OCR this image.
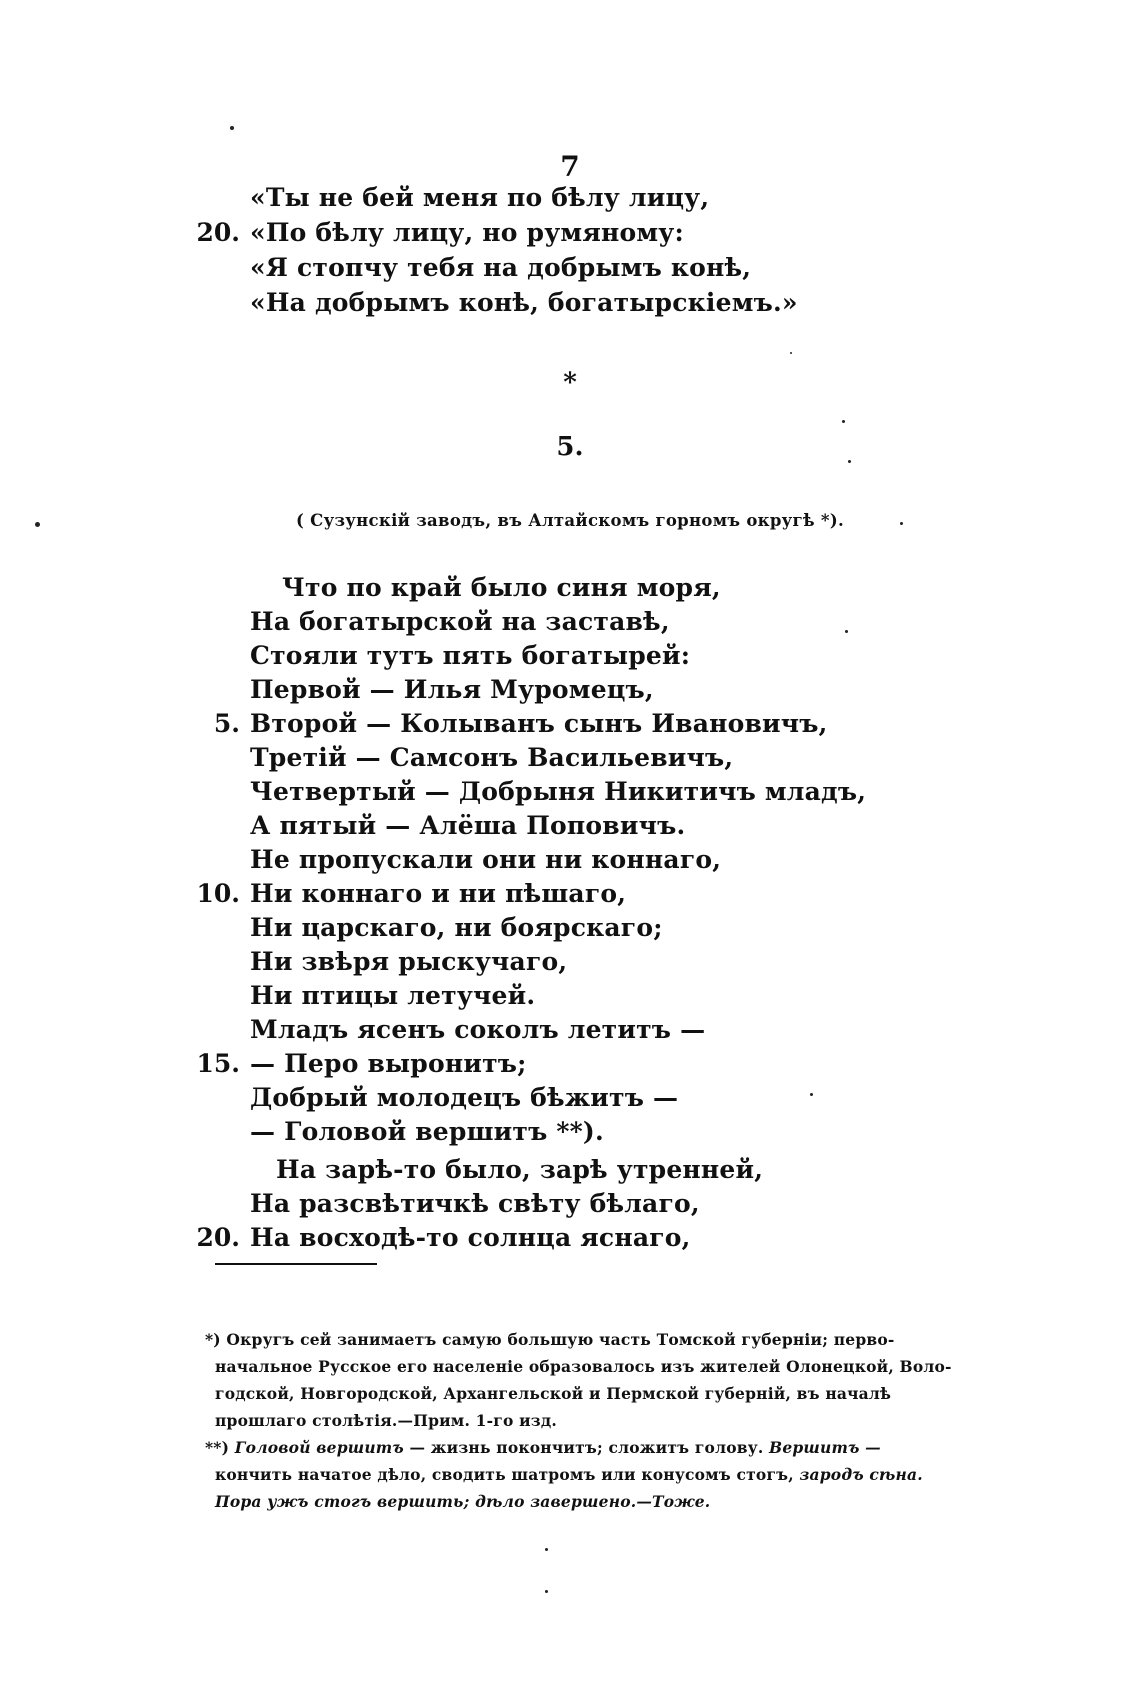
7
«Ты не бей меня по бѣлу лицу,
20. «По бѣлу лицу, но румяному:
«Я стопчу тебя на добрымъ конѣ,
«На добрымъ конѣ, богатырскіемъ.»
*
5.
( Сузунскій заводъ, въ Алтайскомъ горномъ округѣ *).
Что по край было синя моря,
На богатырской на заставѣ,
Стояли тутъ пять богатырей:
Первой — Илья Муромецъ,
5. Второй — Колыванъ сынъ Ивановичъ,
Третій — Самсонъ Васильевичъ,
Четвертый — Добрыня Никитичъ младъ,
А пятый — Алёша Поповичъ.
Не пропускали они ни коннаго,
10. Ни коннаго и ни пѣшаго,
Ни царскаго, ни боярскаго;
Ни звѣря рыскучаго,
Ни птицы летучей.
Младъ ясенъ соколъ летитъ —
15. — Перо выронитъ;
Добрый молодецъ бѣжитъ —
— Головой вершитъ **).
На зарѣ-то было, зарѣ утренней,
На разсвѣтичкѣ свѣту бѣлаго,
20. На восходѣ-то солнца яснаго,
*) Округъ сей занимаетъ самую большую часть Томской губерніи; перво-
начальное Русское его населеніе образовалось изъ жителей Олонецкой, Воло-
годской, Новгородской, Архангельской и Пермской губерній, въ началѣ
прошлаго столѣтія.—Прим. 1-го изд.
**) Головой вершитъ — жизнь покончитъ; сложитъ голову. Вершитъ —
кончить начатое дѣло, сводить шатромъ или конусомъ стогъ, зародъ сѣна.
Пора ужъ стогъ вершить; дѣло завершено.—Тоже.
